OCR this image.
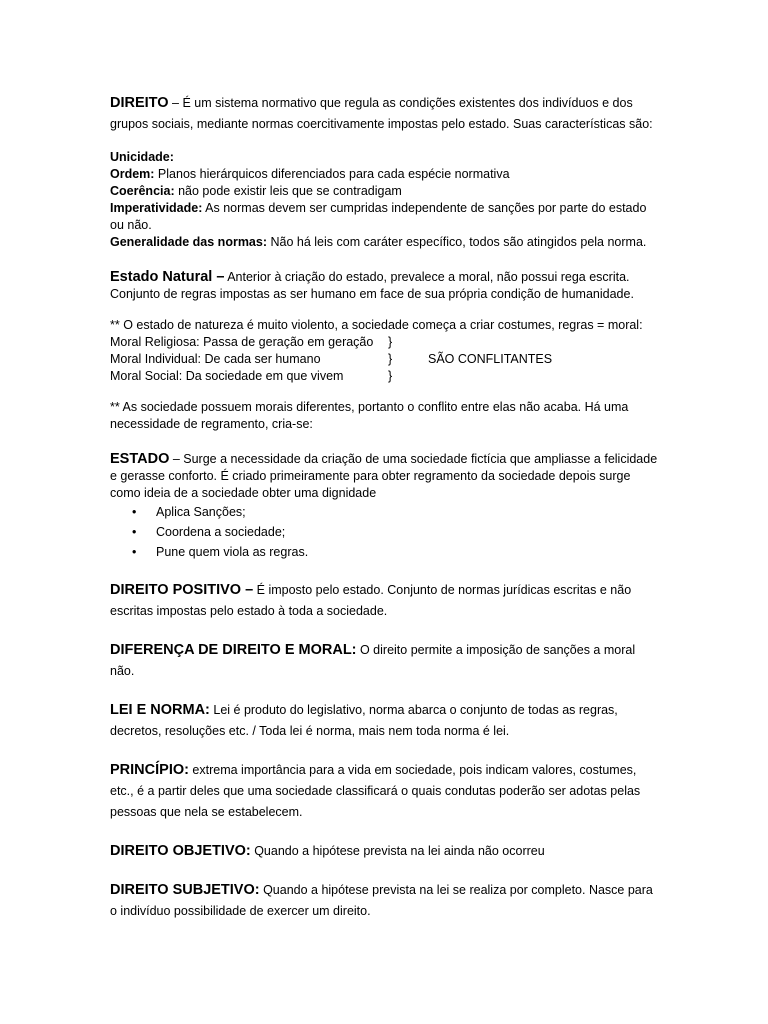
DIREITO – É um sistema normativo que regula as condições existentes dos indivíduos e dos grupos sociais, mediante normas coercitivamente impostas pelo estado. Suas características são:

Unicidade:

Ordem: Planos hierárquicos diferenciados para cada espécie normativa

Coerência: não pode existir leis que se contradigam

Imperatividade: As normas devem ser cumpridas independente de sanções por parte do estado ou não.

Generalidade das normas: Não há leis com caráter específico, todos são atingidos pela norma.

Estado Natural – Anterior à criação do estado, prevalece a moral, não possui rega escrita. Conjunto de regras impostas as ser humano em face de sua própria condição de humanidade.

** O estado de natureza é muito violento, a sociedade começa a criar costumes, regras = moral:

Moral Religiosa: Passa de geração em geração	}
Moral Individual: De cada ser humano	}	SÃO CONFLITANTES
Moral Social: Da sociedade em que vivem	}

** As sociedade possuem morais diferentes, portanto o conflito entre elas não acaba. Há uma necessidade de regramento, cria-se:

ESTADO – Surge a necessidade da criação de uma sociedade fictícia que ampliasse a felicidade e gerasse conforto. É criado primeiramente para obter regramento da sociedade depois surge como ideia de a sociedade obter uma dignidade

• Aplica Sanções;
• Coordena a sociedade;
• Pune quem viola as regras.

DIREITO POSITIVO – É imposto pelo estado. Conjunto de normas jurídicas escritas e não escritas impostas pelo estado à toda a sociedade.

DIFERENÇA DE DIREITO E MORAL: O direito permite a imposição de sanções a moral não.

LEI E NORMA: Lei é produto do legislativo, norma abarca o conjunto de todas as regras, decretos, resoluções etc. / Toda lei é norma, mais nem toda norma é lei.

PRINCÍPIO: extrema importância para a vida em sociedade, pois indicam valores, costumes, etc., é a partir deles que uma sociedade classificará o quais condutas poderão ser adotas pelas pessoas que nela se estabelecem.

DIREITO OBJETIVO: Quando a hipótese prevista na lei ainda não ocorreu

DIREITO SUBJETIVO: Quando a hipótese prevista na lei se realiza por completo. Nasce para o indivíduo possibilidade de exercer um direito.
